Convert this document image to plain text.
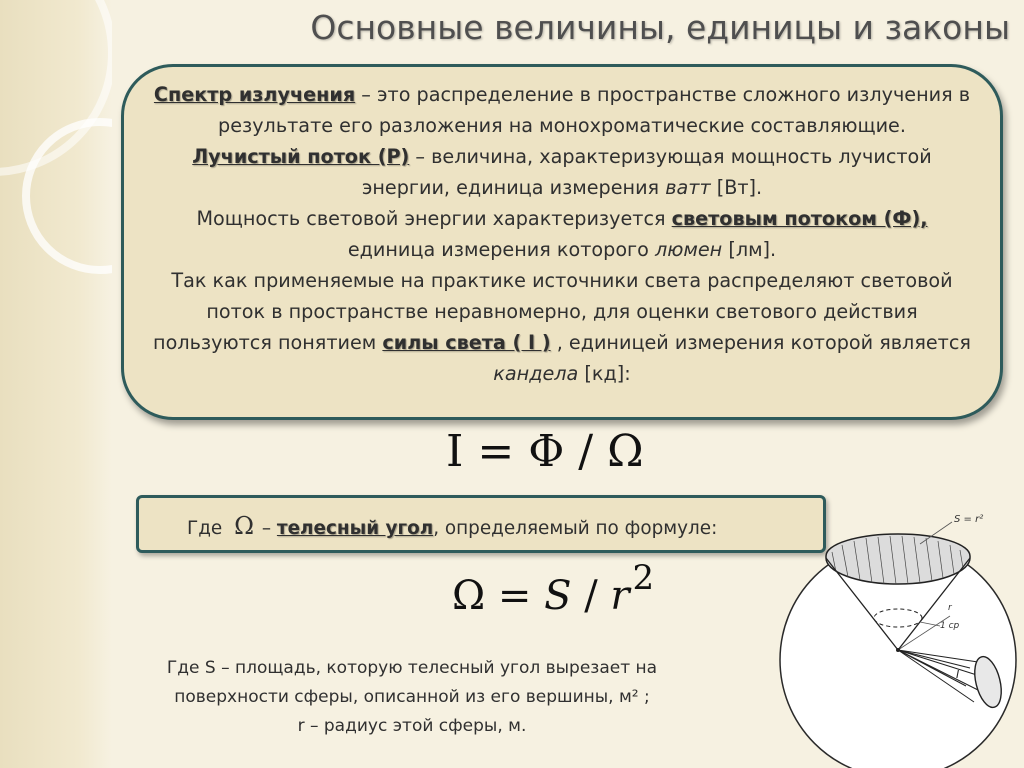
Основные величины, единицы и законы

Спектр излучения – это распределение в пространстве сложного излучения в результате его разложения на монохроматические составляющие.

Лучистый поток (Р) – величина, характеризующая мощность лучистой энергии, единица измерения ватт [Вт].

Мощность световой энергии характеризуется световым потоком (Ф), единица измерения которого люмен [лм].

Так как применяемые на практике источники света распределяют световой поток в пространстве неравномерно, для оценки светового действия пользуются понятием силы света ( I ) , единицей измерения которой является кандела [кд]:

I = Φ / Ω
Где Ω – телесный угол, определяемый по формуле:
$\Omega = S / r^2$

Где S – площадь, которую телесный угол вырезает на

поверхности сферы, описанной из его вершины, м² ;

r – радиус этой сферы, м.

r
1 ср
S = r²
I
